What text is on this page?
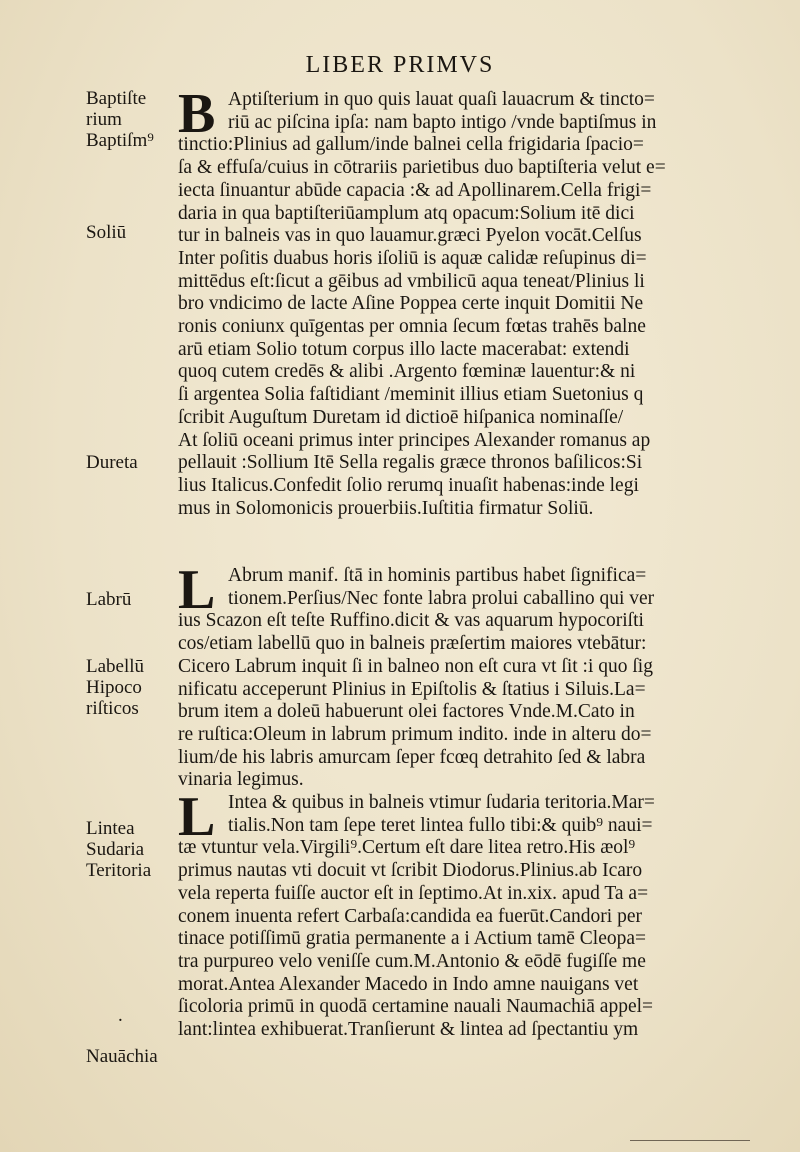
LIBER PRIMVS
Baptiſte
rium
Baptiſm⁹
Soliū
Dureta
Labrū
Labellū
Hipoco
riſticos
Lintea
Sudaria
Teritoria
.
Nauāchia
B Aptiſterium in quo quis lauat quaſi lauacrum & tincto=
riū ac piſcina ipſa: nam bapto intigo /vnde baptiſmus in
tinctio:Plinius ad gallum/inde balnei cella frigidaria ſpacio=
ſa & effuſa/cuius in cōtrariis parietibus duo baptiſteria velut e=
iecta ſinuantur abūde capacia :& ad Apollinarem.Cella frigi=
daria in qua baptiſteriūamplum atq opacum:Solium itē dici
tur in balneis vas in quo lauamur.græci Pyelon vocāt.Celſus
Inter poſitis duabus horis iſoliū is aquæ calidæ reſupinus di=
mittēdus eſt:ſicut a gēibus ad vmbilicū aqua teneat/Plinius li
bro vndicimo de lacte Aſine Poppea certe inquit Domitii Ne
ronis coniunx quīgentas per omnia ſecum fœtas trahēs balne
arū etiam Solio totum corpus illo lacte macerabat: extendi
quoq cutem credēs & alibi .Argento fœminæ lauentur:& ni
ſi argentea Solia faſtidiant /meminit illius etiam Suetonius q
ſcribit Auguſtum Duretam id dictioē hiſpanica nominaſſe/
At ſoliū oceani primus inter principes Alexander romanus ap
pellauit :Sollium Itē Sella regalis græce thronos baſilicos:Si
lius Italicus.Confedit ſolio rerumq inuaſit habenas:inde legi
mus in Solomonicis prouerbiis.Iuſtitia firmatur Soliū.
L Abrum manif. ſtā in hominis partibus habet ſignifica=
tionem.Perſius/Nec fonte labra prolui caballino qui ver
ius Scazon eſt teſte Ruffino.dicit & vas aquarum hypocoriſti
cos/etiam labellū quo in balneis præſertim maiores vtebātur:
Cicero Labrum inquit ſi in balneo non eſt cura vt ſit :i quo ſig
nificatu acceperunt Plinius in Epiſtolis & ſtatius i Siluis.La=
brum item a doleū habuerunt olei factores Vnde.M.Cato in
re ruſtica:Oleum in labrum primum indito. inde in alteru do=
lium/de his labris amurcam ſeper fcœq detrahito ſed & labra
vinaria legimus.
L Intea & quibus in balneis vtimur ſudaria teritoria.Mar=
tialis.Non tam ſepe teret lintea fullo tibi:& quib⁹ naui=
tæ vtuntur vela.Virgili⁹.Certum eſt dare litea retro.His æol⁹
primus nautas vti docuit vt ſcribit Diodorus.Plinius.ab Icaro
vela reperta fuiſſe auctor eſt in ſeptimo.At in.xix. apud Ta a=
conem inuenta refert Carbaſa:candida ea fuerūt.Candori per
tinace potiſſimū gratia permanente a i Actium tamē Cleopa=
tra purpureo velo veniſſe cum.M.Antonio & eōdē fugiſſe me
morat.Antea Alexander Macedo in Indo amne nauigans vet
ſicoloria primū in quodā certamine nauali Naumachiā appel=
lant:lintea exhibuerat.Tranſierunt & lintea ad ſpectantiu ym
